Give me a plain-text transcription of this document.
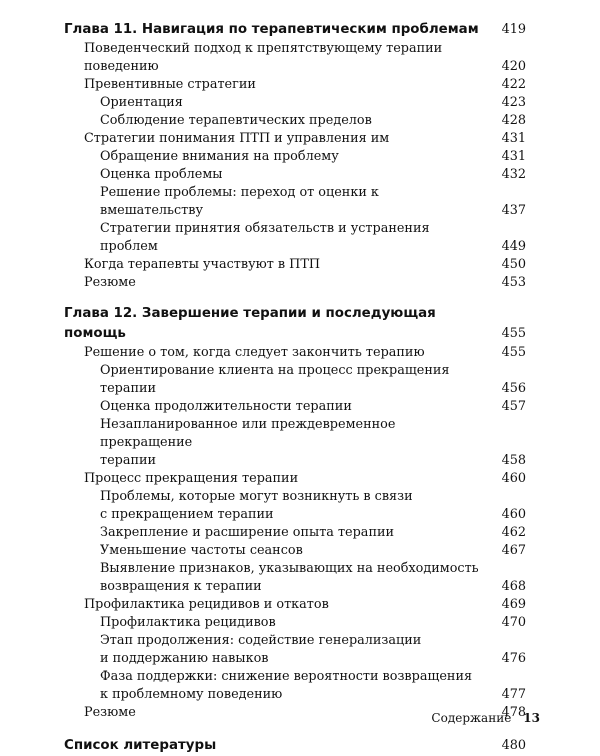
Глава 11. Навигация по терапевтическим проблемам	419
Поведенческий подход к препятствующему терапии поведению	420
Превентивные стратегии	422
Ориентация	423
Соблюдение терапевтических пределов	428
Стратегии понимания ПТП и управления им	431
Обращение внимания на проблему	431
Оценка проблемы	432
Решение проблемы: переход от оценки к вмешательству	437
Стратегии принятия обязательств и устранения проблем	449
Когда терапевты участвуют в ПТП	450
Резюме	453
Глава 12. Завершение терапии и последующая помощь	455
Решение о том, когда следует закончить терапию	455
Ориентирование клиента на процесс прекращения терапии	456
Оценка продолжительности терапии	457
Незапланированное или преждевременное прекращение
терапии	458
Процесс прекращения терапии	460
Проблемы, которые могут возникнуть в связи
с прекращением терапии	460
Закрепление и расширение опыта терапии	462
Уменьшение частоты сеансов	467
Выявление признаков, указывающих на необходимость
возвращения к терапии	468
Профилактика рецидивов и откатов	469
Профилактика рецидивов	470
Этап продолжения: содействие генерализации
и поддержанию навыков	476
Фаза поддержки: снижение вероятности возвращения
к проблемному поведению	477
Резюме	478
Список литературы	480
Содержание 13
